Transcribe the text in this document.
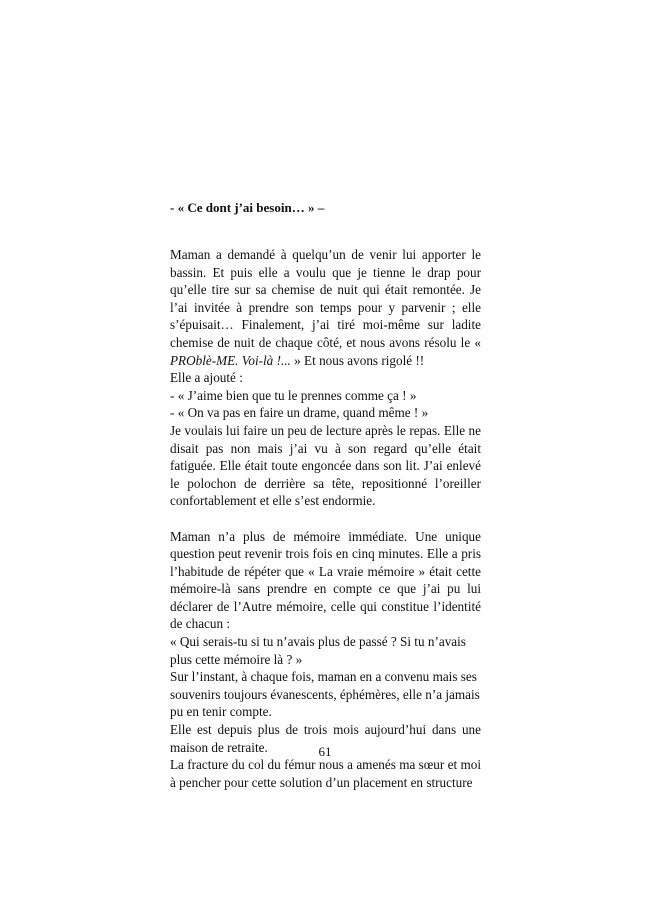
- « Ce dont j’ai besoin… » –

Maman a demandé à quelqu’un de venir lui apporter le bassin. Et puis elle a voulu que je tienne le drap pour qu’elle tire sur sa chemise de nuit qui était remontée. Je l’ai invitée à prendre son temps pour y parvenir ; elle s’épuisait… Finalement, j’ai tiré moi-même sur ladite chemise de nuit de chaque côté, et nous avons résolu le « PROblè-ME. Voi-là !... » Et nous avons rigolé !!

Elle a ajouté :

- « J’aime bien que tu le prennes comme ça ! »

- « On va pas en faire un drame, quand même ! »

Je voulais lui faire un peu de lecture après le repas. Elle ne disait pas non mais j’ai vu à son regard qu’elle était fatiguée. Elle était toute engoncée dans son lit. J’ai enlevé le polochon de derrière sa tête, repositionné l’oreiller confortablement et elle s’est endormie.

Maman n’a plus de mémoire immédiate. Une unique question peut revenir trois fois en cinq minutes. Elle a pris l’habitude de répéter que « La vraie mémoire » était cette mémoire-là sans prendre en compte ce que j’ai pu lui déclarer de l’Autre mémoire, celle qui constitue l’identité de chacun :

« Qui serais-tu si tu n’avais plus de passé ? Si tu n’avais plus cette mémoire là ? »

Sur l’instant, à chaque fois, maman en a convenu mais ses souvenirs toujours évanescents, éphémères, elle n’a jamais pu en tenir compte.

Elle est depuis plus de trois mois aujourd’hui dans une maison de retraite.

La fracture du col du fémur nous a amenés ma sœur et moi à pencher pour cette solution d’un placement en structure

61
